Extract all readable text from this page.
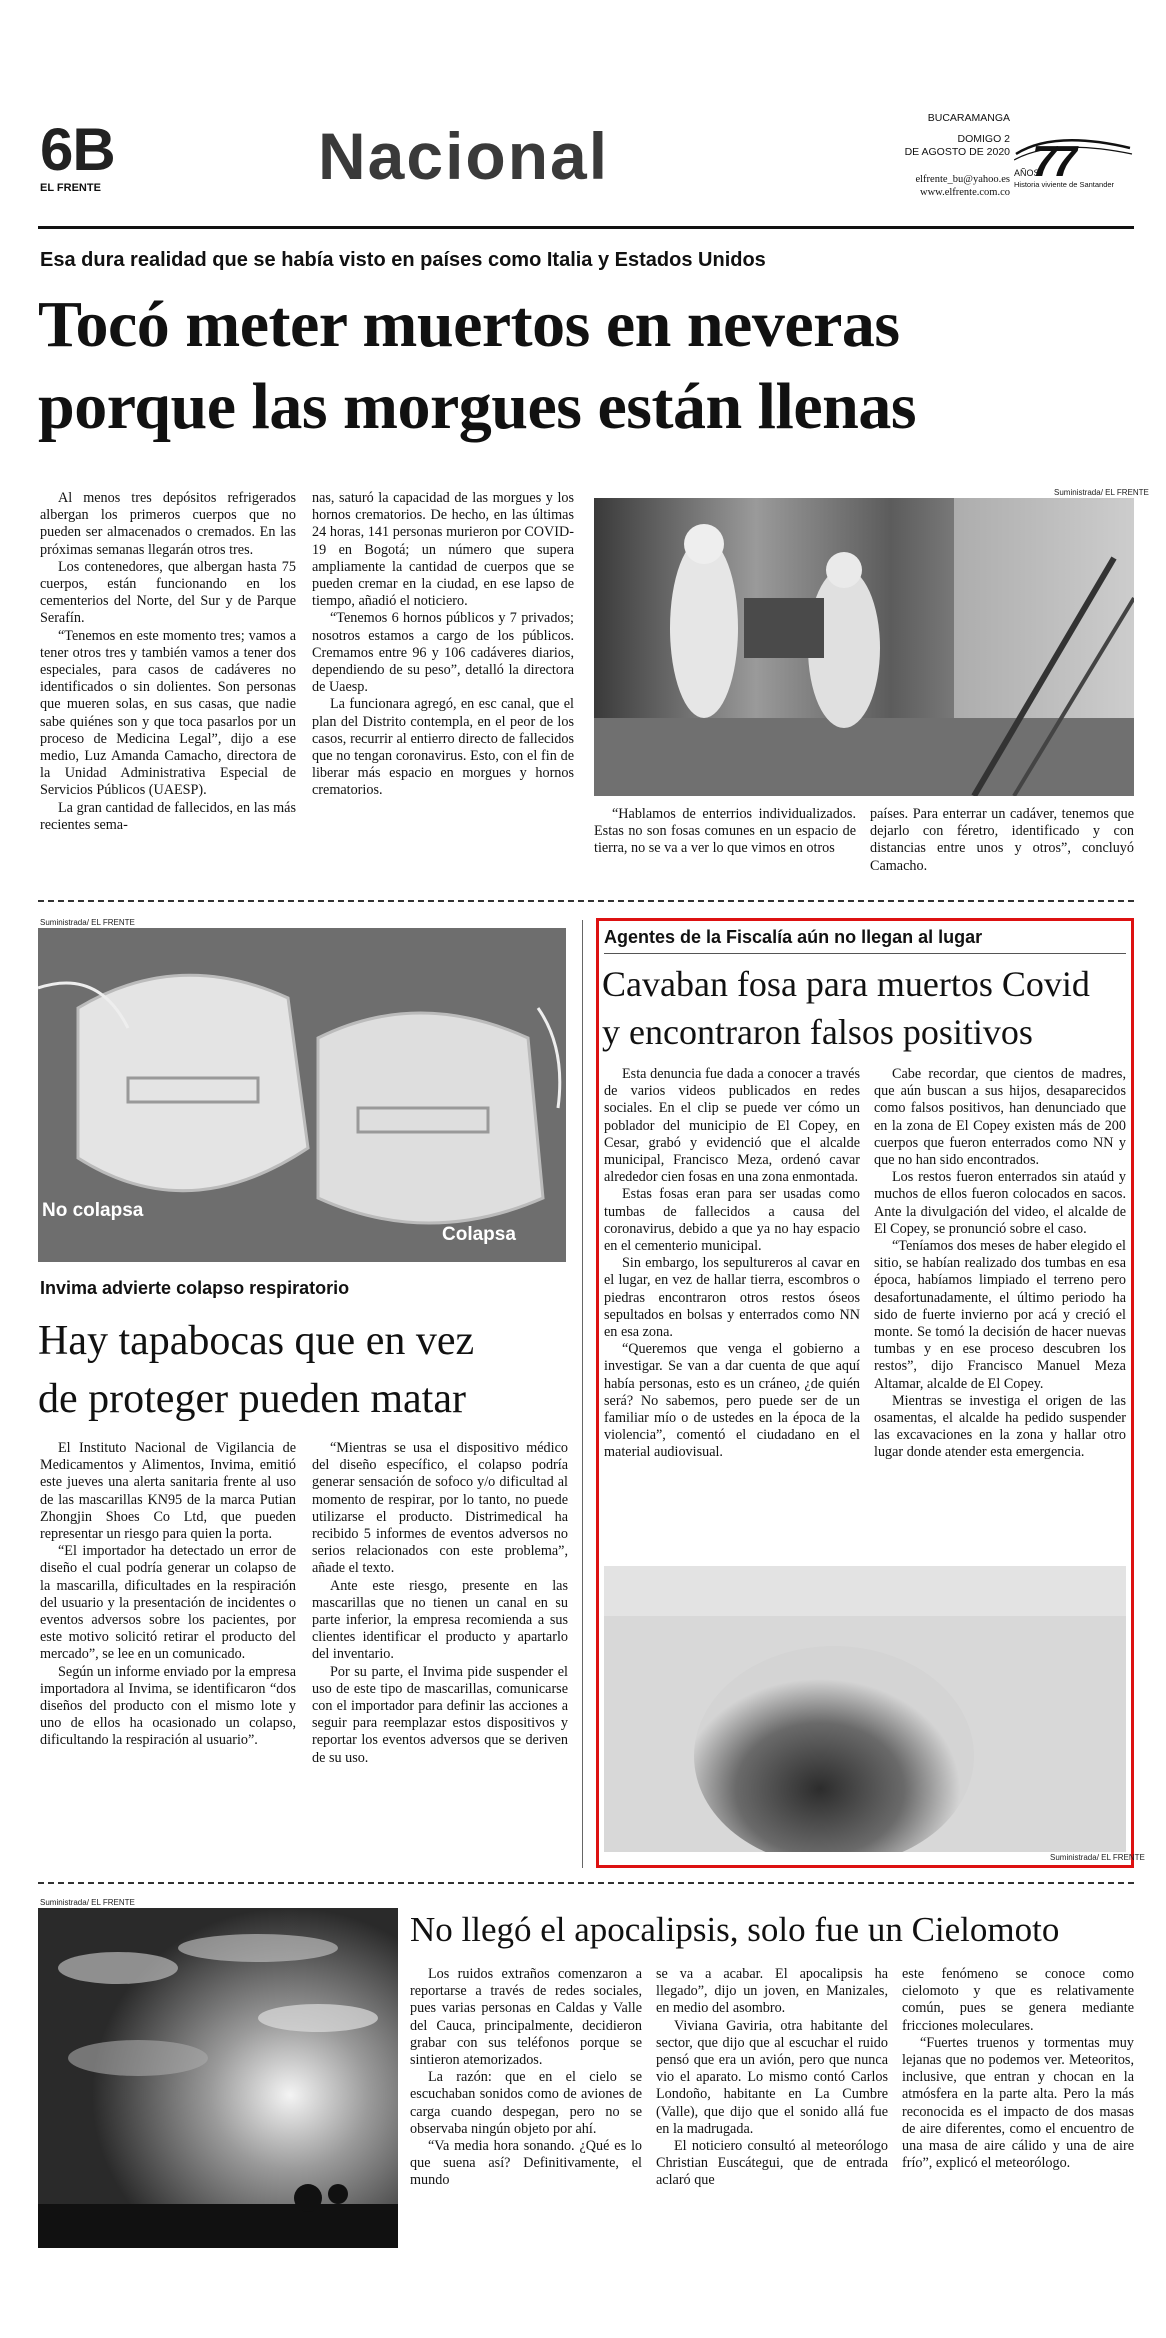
6B
EL FRENTE	Nacional
BUCARAMANGA
DOMIGO 2
DE AGOSTO DE 2020
elfrente_bu@yahoo.es
www.elfrente.com.co
77
AÑOS
Historia viviente de Santander
Esa dura realidad que se había visto en países como Italia y Estados Unidos
Tocó meter muertos en neveras
porque las morgues están llenas

Al menos tres depósitos refrigerados albergan los primeros cuerpos que no pueden ser almacenados o cremados. En las próximas semanas llegarán otros tres.

Los contenedores, que albergan hasta 75 cuerpos, están funcionando en los cementerios del Norte, del Sur y de Parque Serafín.

“Tenemos en este momento tres; vamos a tener otros tres y también vamos a tener dos especiales, para casos de cadáveres no identificados o sin dolientes. Son personas que mueren solas, en sus casas, que nadie sabe quiénes son y que toca pasarlos por un proceso de Medicina Legal”, dijo a ese medio, Luz Amanda Camacho, directora de la Unidad Administrativa Especial de Servicios Públicos (UAESP).

La gran cantidad de fallecidos, en las más recientes sema-

nas, saturó la capacidad de las morgues y los hornos crematorios. De hecho, en las últimas 24 horas, 141 personas murieron por COVID-19 en Bogotá; un número que supera ampliamente la cantidad de cuerpos que se pueden cremar en la ciudad, en ese lapso de tiempo, añadió el noticiero.

“Tenemos 6 hornos públicos y 7 privados; nosotros estamos a cargo de los públicos. Cremamos entre 96 y 106 cadáveres diarios, dependiendo de su peso”, detalló la directora de Uaesp.

La funcionara agregó, en esc canal, que el plan del Distrito contempla, en el peor de los casos, recurrir al entierro directo de fallecidos que no tengan coronavirus. Esto, con el fin de liberar más espacio en morgues y hornos crematorios.

Suministrada/ EL FRENTE

“Hablamos de enterrios individualizados. Estas no son fosas comunes en un espacio de tierra, no se va a ver lo que vimos en otros

países. Para enterrar un cadáver, tenemos que dejarlo con féretro, identificado y con distancias entre unos y otros”, concluyó Camacho.

Suministrada/ EL FRENTE
No colapsa
Colapsa
Invima advierte colapso respiratorio
Hay tapabocas que en vez
de proteger pueden matar

El Instituto Nacional de Vigilancia de Medicamentos y Alimentos, Invima, emitió este jueves una alerta sanitaria frente al uso de las mascarillas KN95 de la marca Putian Zhongjin Shoes Co Ltd, que pueden representar un riesgo para quien la porta.

“El importador ha detectado un error de diseño el cual podría generar un colapso de la mascarilla, dificultades en la respiración del usuario y la presentación de incidentes o eventos adversos sobre los pacientes, por este motivo solicitó retirar el producto del mercado”, se lee en un comunicado.

Según un informe enviado por la empresa importadora al Invima, se identificaron “dos diseños del producto con el mismo lote y uno de ellos ha ocasionado un colapso, dificultando la respiración al usuario”.

“Mientras se usa el dispositivo médico del diseño específico, el colapso podría generar sensación de sofoco y/o dificultad al momento de respirar, por lo tanto, no puede utilizarse el producto. Distrimedical ha recibido 5 informes de eventos adversos no serios relacionados con este problema”, añade el texto.

Ante este riesgo, presente en las mascarillas que no tienen un canal en su parte inferior, la empresa recomienda a sus clientes identificar el producto y apartarlo del inventario.

Por su parte, el Invima pide suspender el uso de este tipo de mascarillas, comunicarse con el importador para definir las acciones a seguir para reemplazar estos dispositivos y reportar los eventos adversos que se deriven de su uso.

Agentes de la Fiscalía aún no llegan al lugar
Cavaban fosa para muertos Covid
y encontraron falsos positivos

Esta denuncia fue dada a conocer a través de varios videos publicados en redes sociales. En el clip se puede ver cómo un poblador del municipio de El Copey, en Cesar, grabó y evidenció que el alcalde municipal, Francisco Meza, ordenó cavar alrededor cien fosas en una zona enmontada.

Estas fosas eran para ser usadas como tumbas de fallecidos a causa del coronavirus, debido a que ya no hay espacio en el cementerio municipal.

Sin embargo, los sepultureros al cavar en el lugar, en vez de hallar tierra, escombros o piedras encontraron otros restos óseos sepultados en bolsas y enterrados como NN en esa zona.

“Queremos que venga el gobierno a investigar. Se van a dar cuenta de que aquí había personas, esto es un cráneo, ¿de quién será? No sabemos, pero puede ser de un familiar mío o de ustedes en la época de la violencia”, comentó el ciudadano en el material audiovisual.

Cabe recordar, que cientos de madres, que aún buscan a sus hijos, desaparecidos como falsos positivos, han denunciado que en la zona de El Copey existen más de 200 cuerpos que fueron enterrados como NN y que no han sido encontrados.

Los restos fueron enterrados sin ataúd y muchos de ellos fueron colocados en sacos. Ante la divulgación del video, el alcalde de El Copey, se pronunció sobre el caso.

“Teníamos dos meses de haber elegido el sitio, se habían realizado dos tumbas en esa época, habíamos limpiado el terreno pero desafortunadamente, el último periodo ha sido de fuerte invierno por acá y creció el monte. Se tomó la decisión de hacer nuevas tumbas y en ese proceso descubren los restos”, dijo Francisco Manuel Meza Altamar, alcalde de El Copey.

Mientras se investiga el origen de las osamentas, el alcalde ha pedido suspender las excavaciones en la zona y hallar otro lugar donde atender esta emergencia.

Suministrada/ EL FRENTE
Suministrada/ EL FRENTE
No llegó el apocalipsis, solo fue un Cielomoto

Los ruidos extraños comenzaron a reportarse a través de redes sociales, pues varias personas en Caldas y Valle del Cauca, principalmente, decidieron grabar con sus teléfonos porque se sintieron atemorizados.

La razón: que en el cielo se escuchaban sonidos como de aviones de carga cuando despegan, pero no se observaba ningún objeto por ahí.

“Va media hora sonando. ¿Qué es lo que suena así? Definitivamente, el mundo

se va a acabar. El apocalipsis ha llegado”, dijo un joven, en Manizales, en medio del asombro.

Viviana Gaviria, otra habitante del sector, que dijo que al escuchar el ruido pensó que era un avión, pero que nunca vio el aparato. Lo mismo contó Carlos Londoño, habitante en La Cumbre (Valle), que dijo que el sonido allá fue en la madrugada.

El noticiero consultó al meteorólogo Christian Euscátegui, que de entrada aclaró que

este fenómeno se conoce como cielomoto y que es relativamente común, pues se genera mediante fricciones moleculares.

“Fuertes truenos y tormentas muy lejanas que no podemos ver. Meteoritos, inclusive, que entran y chocan en la atmósfera en la parte alta. Pero la más reconocida es el impacto de dos masas de aire diferentes, como el encuentro de una masa de aire cálido y una de aire frío”, explicó el meteorólogo.
